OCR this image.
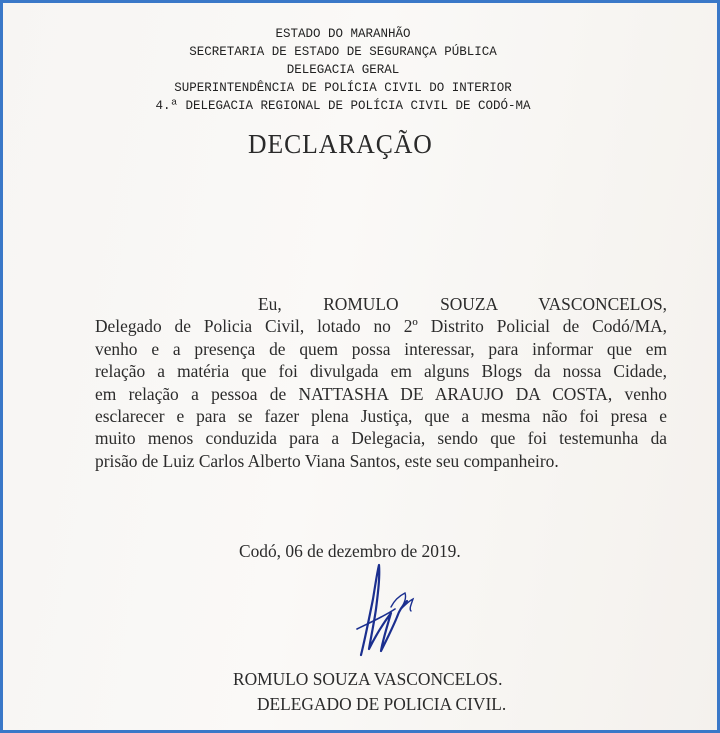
ESTADO DO MARANHÃO
SECRETARIA DE ESTADO DE SEGURANÇA PÚBLICA
DELEGACIA GERAL
SUPERINTENDÊNCIA DE POLÍCIA CIVIL DO INTERIOR
4.ª DELEGACIA REGIONAL DE POLÍCIA CIVIL DE CODÓ-MA
DECLARAÇÃO
Eu, ROMULO SOUZA VASCONCELOS,
Delegado de Policia Civil, lotado no 2º Distrito Policial de Codó/MA,
venho e a presença de quem possa interessar, para informar que em
relação a matéria que foi divulgada em alguns Blogs da nossa Cidade,
em relação a pessoa de NATTASHA DE ARAUJO DA COSTA, venho
esclarecer e para se fazer plena Justiça, que a mesma não foi presa e
muito menos conduzida para a Delegacia, sendo que foi testemunha da
prisão de Luiz Carlos Alberto Viana Santos, este seu companheiro.
Codó, 06 de dezembro de 2019.
ROMULO SOUZA VASCONCELOS.
DELEGADO DE POLICIA CIVIL.
